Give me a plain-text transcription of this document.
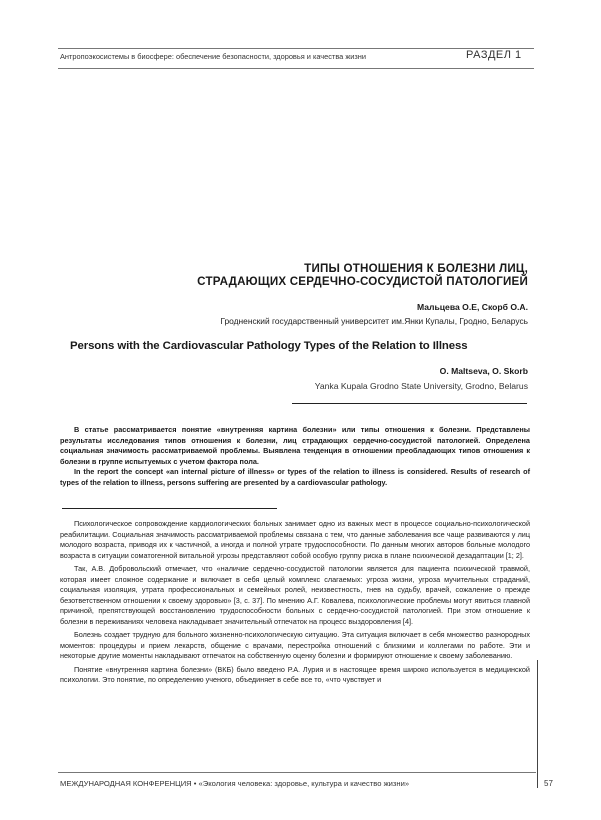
Антропоэкосистемы в биосфере: обеспечение безопасности, здоровья и качества жизни	РАЗДЕЛ 1
ТИПЫ ОТНОШЕНИЯ К БОЛЕЗНИ ЛИЦ,
СТРАДАЮЩИХ СЕРДЕЧНО-СОСУДИСТОЙ ПАТОЛОГИЕЙ
Мальцева О.Е, Скорб О.А.
Гродненский государственный университет им.Янки Купалы, Гродно, Беларусь
Persons with the Cardiovascular Pathology Types of the Relation to Illness
O. Maltseva, O. Skorb
Yanka Kupala Grodno State University, Grodno, Belarus

В статье рассматривается понятие «внутренняя картина болезни» или типы отношения к болезни. Представлены результаты исследования типов отношения к болезни, лиц страдающих сердечно-сосудистой патологией. Определена социальная значимость рассматриваемой проблемы. Выявлена тенденция в отношении преобладающих типов отношения к болезни в группе испытуемых с учетом фактора пола.

In the report the concept «an internal picture of illness» or types of the relation to illness is considered. Results of research of types of the relation to illness, persons suffering are presented by a cardiovascular pathology.

Психологическое сопровождение кардиологических больных занимает одно из важных мест в процессе социально-психологической реабилитации. Социальная значимость рассматриваемой проблемы связана с тем, что данные заболевания все чаще развиваются у лиц молодого возраста, приводя их к частичной, а иногда и полной утрате трудоспособности. По данным многих авторов больные молодого возраста в ситуации соматогенной витальной угрозы представляют собой особую группу риска в плане психической дезадаптации [1; 2].

Так, А.В. Добровольский отмечает, что «наличие сердечно-сосудистой патологии является для пациента психической травмой, которая имеет сложное содержание и включает в себя целый комплекс слагаемых: угроза жизни, угроза мучительных страданий, социальная изоляция, утрата профессиональных и семейных ролей, неизвестность, гнев на судьбу, врачей, сожаление о прежде безответственном отношении к своему здоровью» [3, с. 37]. По мнению А.Г. Ковалева, психологические проблемы могут явиться главной причиной, препятствующей восстановлению трудоспособности больных с сердечно-сосудистой патологией. При этом отношение к болезни в переживаниях человека накладывает значительный отпечаток на процесс выздоровления [4].

Болезнь создает трудную для больного жизненно-психологическую ситуацию. Эта ситуация включает в себя множество разнородных моментов: процедуры и прием лекарств, общение с врачами, перестройка отношений с близкими и коллегами по работе. Эти и некоторые другие моменты накладывают отпечаток на собственную оценку болезни и формируют отношение к своему заболеванию.

Понятие «внутренняя картина болезни» (ВКБ) было введено Р.А. Лурия и в настоящее время широко используется в медицинской психологии. Это понятие, по определению ученого, объединяет в себе все то, «что чувствует и

МЕЖДУНАРОДНАЯ КОНФЕРЕНЦИЯ • «Экология человека: здоровье, культура и качество жизни»	57
